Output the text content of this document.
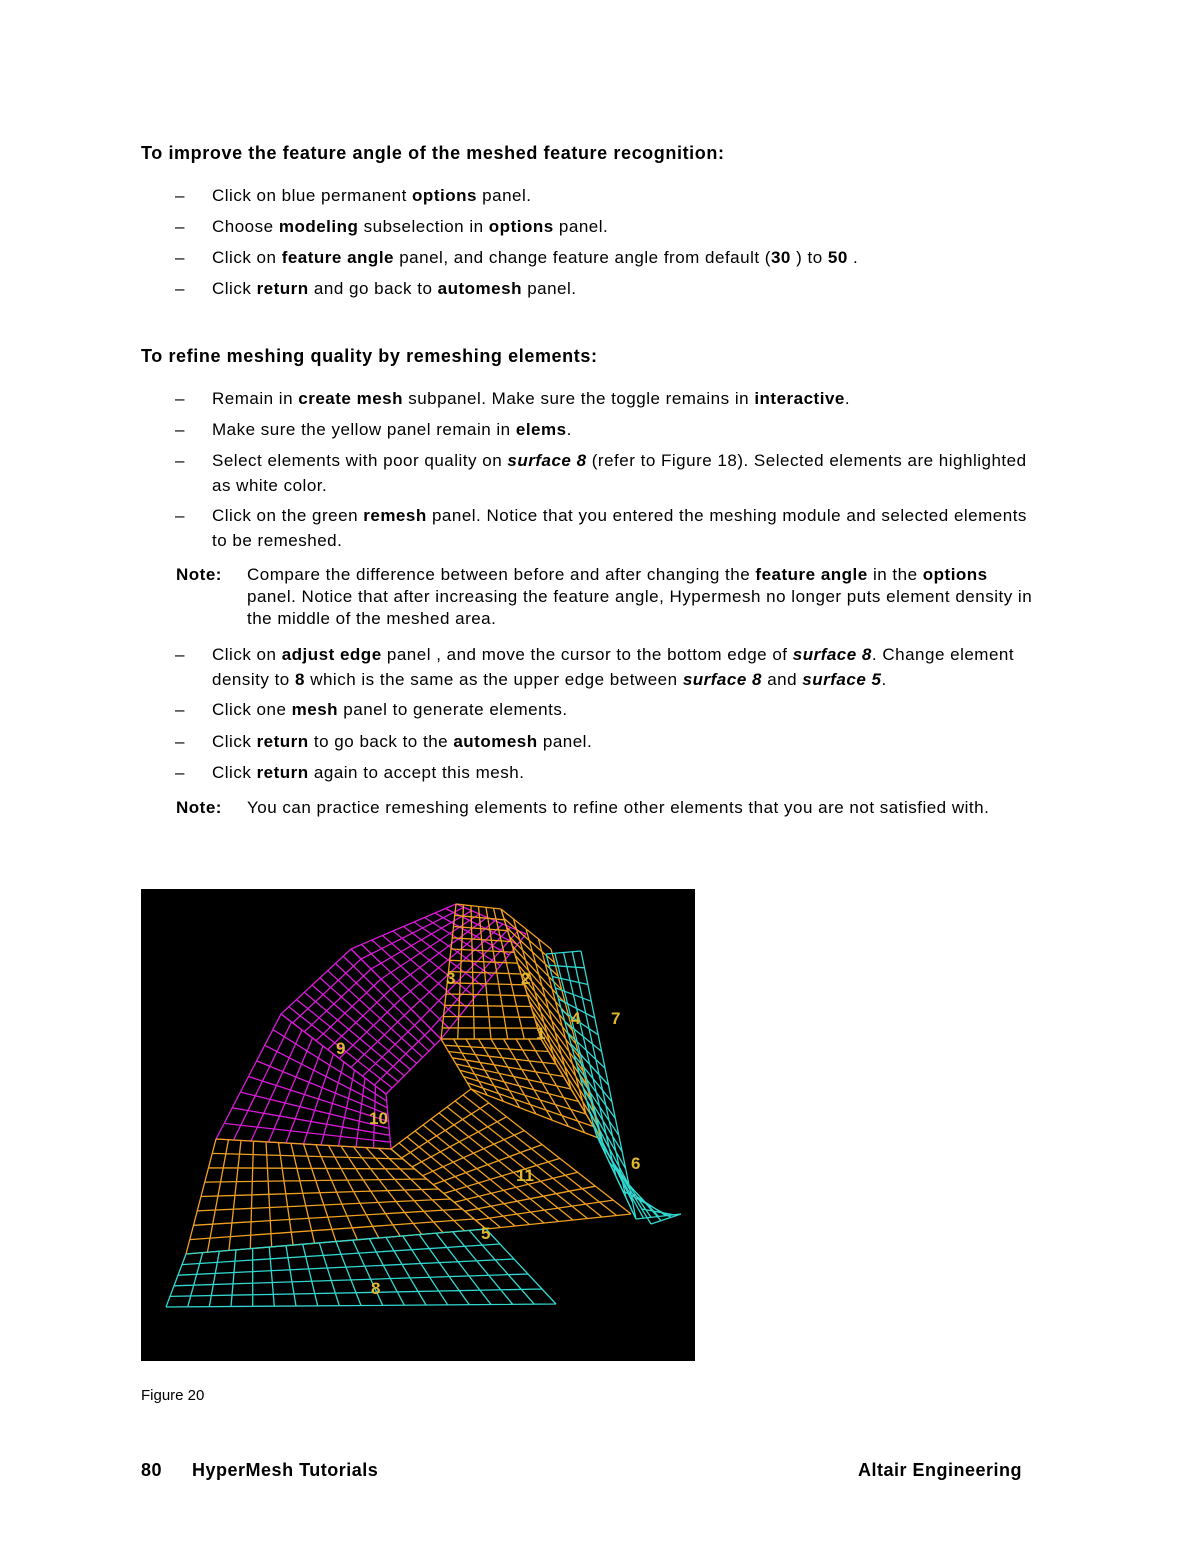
To improve the feature angle of the meshed feature recognition:
– Click on blue permanent options panel.
– Choose modeling subselection in options panel.
– Click on feature angle panel, and change feature angle from default (30 ) to 50 .
– Click return and go back to automesh panel.
To refine meshing quality by remeshing elements:
– Remain in create mesh subpanel. Make sure the toggle remains in interactive.
– Make sure the yellow panel remain in elems.
– Select elements with poor quality on surface 8 (refer to Figure 18). Selected elements are highlighted as white color.
– Click on the green remesh panel. Notice that you entered the meshing module and selected elements to be remeshed.
Note: Compare the difference between before and after changing the feature angle in the options panel. Notice that after increasing the feature angle, Hypermesh no longer puts element density in the middle of the meshed area.
– Click on adjust edge panel , and move the cursor to the bottom edge of surface 8. Change element density to 8 which is the same as the upper edge between surface 8 and surface 5.
– Click one mesh panel to generate elements.
– Click return to go back to the automesh panel.
– Click return again to accept this mesh.
Note: You can practice remeshing elements to refine other elements that you are not satisfied with.
1
2
3
4
5
6
7
8
9
10
11
Figure 20
80 HyperMesh Tutorials	Altair Engineering
